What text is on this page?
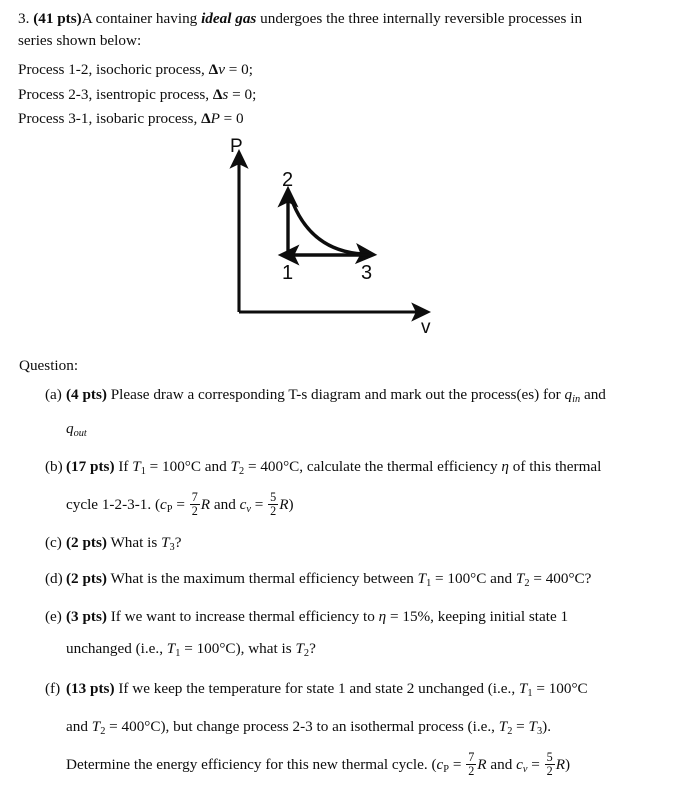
3. (41 pts)A container having ideal gas undergoes the three internally reversible processes in
series shown below:
Process 1-2, isochoric process, Δv = 0;
Process 2-3, isentropic process, Δs = 0;
Process 3-1, isobaric process, ΔP = 0
P
v
2
1	3
Question:
(a) (4 pts) Please draw a corresponding T-s diagram and mark out the process(es) for $q_{in}$ and
$q_{out}$
(b) (17 pts) If T1 = 100°C and T2 = 400°C, calculate the thermal efficiency η of this thermal
cycle 1-2-3-1. ($cP = \frac{7}{2}$ R and $c_v = \frac{5}{2} R$)
(c) (2 pts) What is T3?
(d) (2 pts) What is the maximum thermal efficiency between T1 = 100°C and T2 = 400°C?
(e) (3 pts) If we want to increase thermal efficiency to η = 15%, keeping initial state 1
unchanged (i.e., T1 = 100°C), what is T2?
(f) (13 pts) If we keep the temperature for state 1 and state 2 unchanged (i.e., T1 = 100°C
and T2 = 400°C), but change process 2-3 to an isothermal process (i.e., T2 = T3).
Determine the energy efficiency for this new thermal cycle. ($cP = \frac{7}{2}$ R and $c_v = \frac{5}{2} R$)
